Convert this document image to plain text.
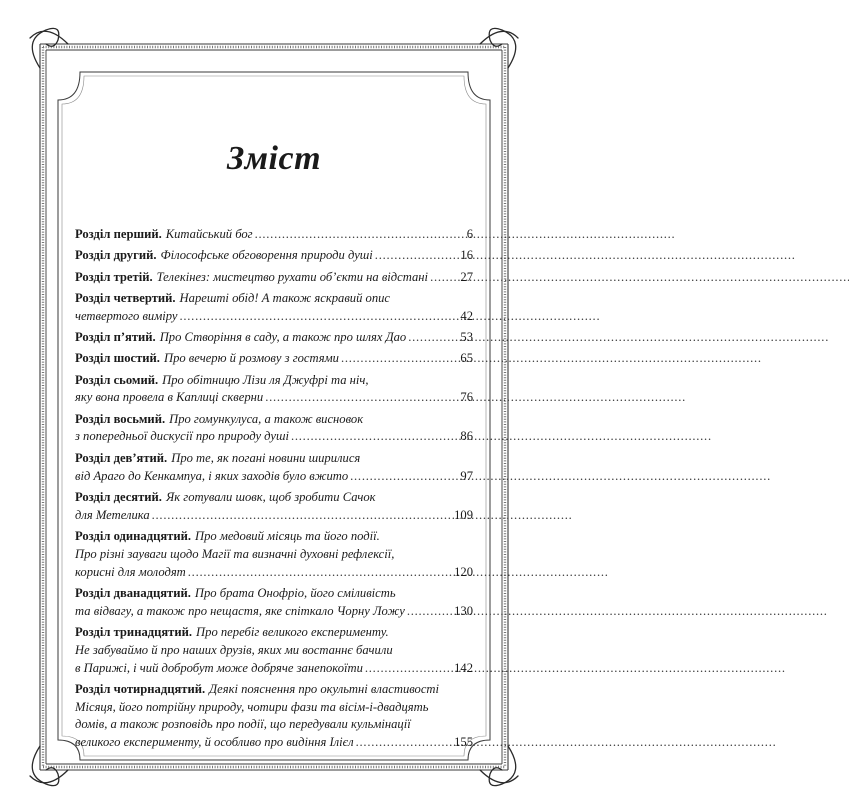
Зміст
Розділ перший. Китайський бог . . .	6
Розділ другий. Філософське обговорення природи душі . . .	16
Розділ третій. Телекінез: мистецтво рухати об’єкти на відстані . . .	27
Розділ четвертий. Нарешті обід! А також яскравий опис
четвертого виміру . . .	42
Розділ п’ятий. Про Створіння в саду, а також про шлях Дао . . .	53
Розділ шостий. Про вечерю й розмову з гостями . . .	65
Розділ сьомий. Про обітницю Лізи ля Джуфрі та ніч,
яку вона провела в Каплиці скверни . . .	76
Розділ восьмий. Про гомункулуса, а також висновок
з попередньої дискусії про природу душі . . .	86
Розділ дев’ятий. Про те, як погані новини ширилися
від Араго до Кенкампуа, і яких заходів було вжито . . .	97
Розділ десятий. Як готували шовк, щоб зробити Сачок
для Метелика . . .	109
Розділ одинадцятий. Про медовий місяць та його події.
Про різні зауваги щодо Магії та визначні духовні рефлексії,
корисні для молодят . . .	120
Розділ дванадцятий. Про брата Онофріо, його сміливість
та відвагу, а також про нещастя, яке спіткало Чорну Ложу . . .	130
Розділ тринадцятий. Про перебіг великого експерименту.
Не забуваймо й про наших друзів, яких ми востаннє бачили
в Парижі, і чий добробут може добряче занепокоїти . . .	142
Розділ чотирнадцятий. Деякі пояснення про окультні властивості
Місяця, його потрійну природу, чотири фази та вісім-і-двадцять
домів, а також розповідь про події, що передували кульмінації
великого експерименту, й особливо про видіння Ілієл . . .	155
